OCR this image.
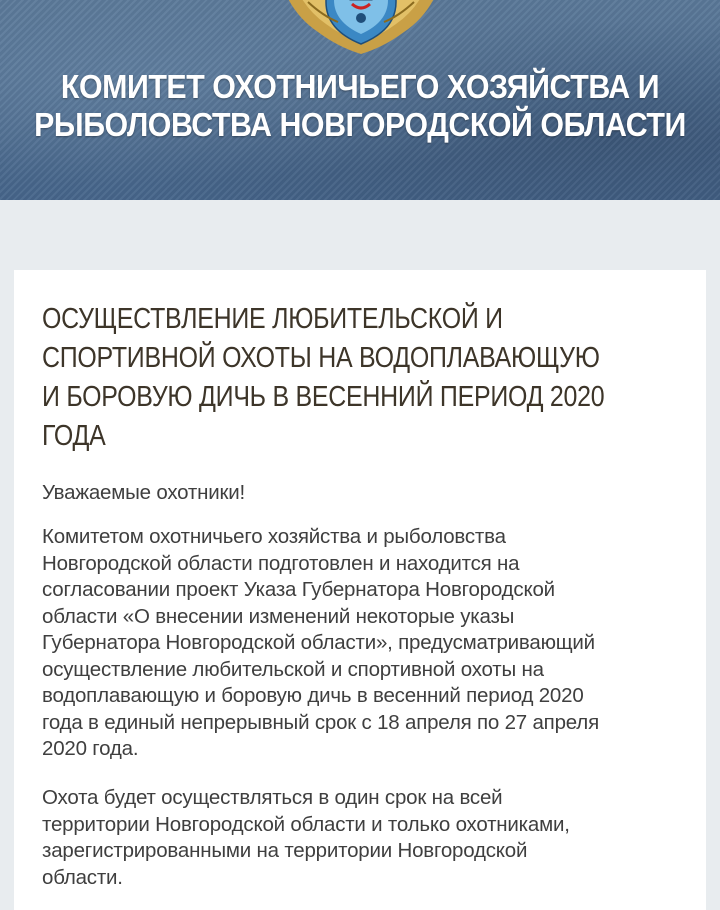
КОМИТЕТ ОХОТНИЧЬЕГО ХОЗЯЙСТВА И
РЫБОЛОВСТВА НОВГОРОДСКОЙ ОБЛАСТИ
ОСУЩЕСТВЛЕНИЕ ЛЮБИТЕЛЬСКОЙ И
СПОРТИВНОЙ ОХОТЫ НА ВОДОПЛАВАЮЩУЮ
И БОРОВУЮ ДИЧЬ В ВЕСЕННИЙ ПЕРИОД 2020
ГОДА
Уважаемые охотники!
Комитетом охотничьего хозяйства и рыболовства
Новгородской области подготовлен и находится на
согласовании проект Указа Губернатора Новгородской
области «О внесении изменений некоторые указы
Губернатора Новгородской области», предусматривающий
осуществление любительской и спортивной охоты на
водоплавающую и боровую дичь в весенний период 2020
года в единый непрерывный срок с 18 апреля по 27 апреля
2020 года.
Охота будет осуществляться в один срок на всей
территории Новгородской области и только охотниками,
зарегистрированными на территории Новгородской
области.
